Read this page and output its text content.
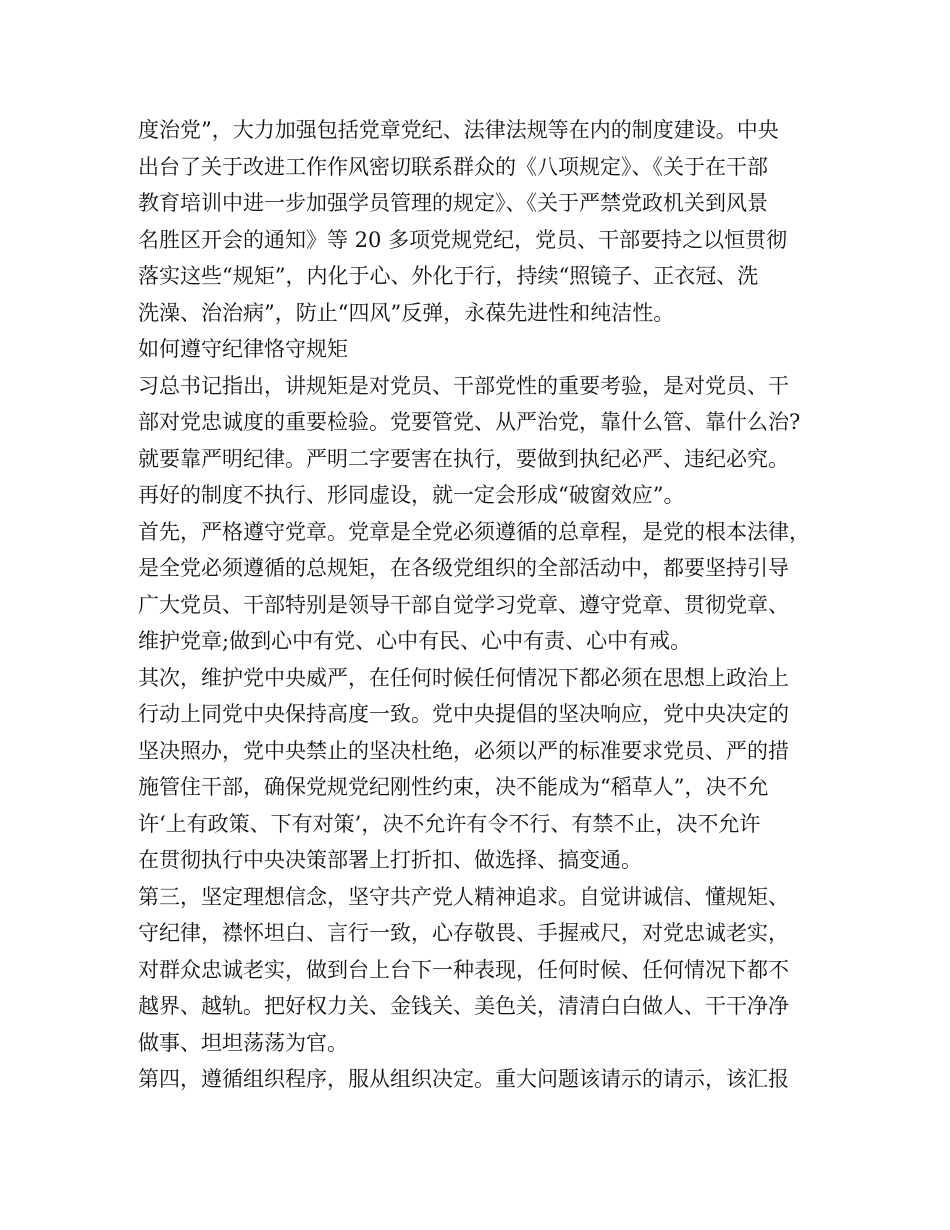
度治党”，大力加强包括党章党纪、法律法规等在内的制度建设。中央
出台了关于改进工作作风密切联系群众的《八项规定》、《关于在干部
教育培训中进一步加强学员管理的规定》、《关于严禁党政机关到风景
名胜区开会的通知》等 20 多项党规党纪，党员、干部要持之以恒贯彻
落实这些“规矩”，内化于心、外化于行，持续“照镜子、正衣冠、洗
洗澡、治治病”，防止“四风”反弹，永葆先进性和纯洁性。
如何遵守纪律恪守规矩
习总书记指出，讲规矩是对党员、干部党性的重要考验，是对党员、干
部对党忠诚度的重要检验。党要管党、从严治党，靠什么管、靠什么治?
就要靠严明纪律。严明二字要害在执行，要做到执纪必严、违纪必究。
再好的制度不执行、形同虚设，就一定会形成“破窗效应”。
首先，严格遵守党章。党章是全党必须遵循的总章程，是党的根本法律，
是全党必须遵循的总规矩，在各级党组织的全部活动中，都要坚持引导
广大党员、干部特别是领导干部自觉学习党章、遵守党章、贯彻党章、
维护党章;做到心中有党、心中有民、心中有责、心中有戒。
其次，维护党中央威严，在任何时候任何情况下都必须在思想上政治上
行动上同党中央保持高度一致。党中央提倡的坚决响应，党中央决定的
坚决照办，党中央禁止的坚决杜绝，必须以严的标准要求党员、严的措
施管住干部，确保党规党纪刚性约束，决不能成为“稻草人”，决不允
许‘上有政策、下有对策’，决不允许有令不行、有禁不止，决不允许
在贯彻执行中央决策部署上打折扣、做选择、搞变通。
第三，坚定理想信念，坚守共产党人精神追求。自觉讲诚信、懂规矩、
守纪律，襟怀坦白、言行一致，心存敬畏、手握戒尺，对党忠诚老实，
对群众忠诚老实，做到台上台下一种表现，任何时候、任何情况下都不
越界、越轨。把好权力关、金钱关、美色关，清清白白做人、干干净净
做事、坦坦荡荡为官。
第四，遵循组织程序，服从组织决定。重大问题该请示的请示，该汇报
